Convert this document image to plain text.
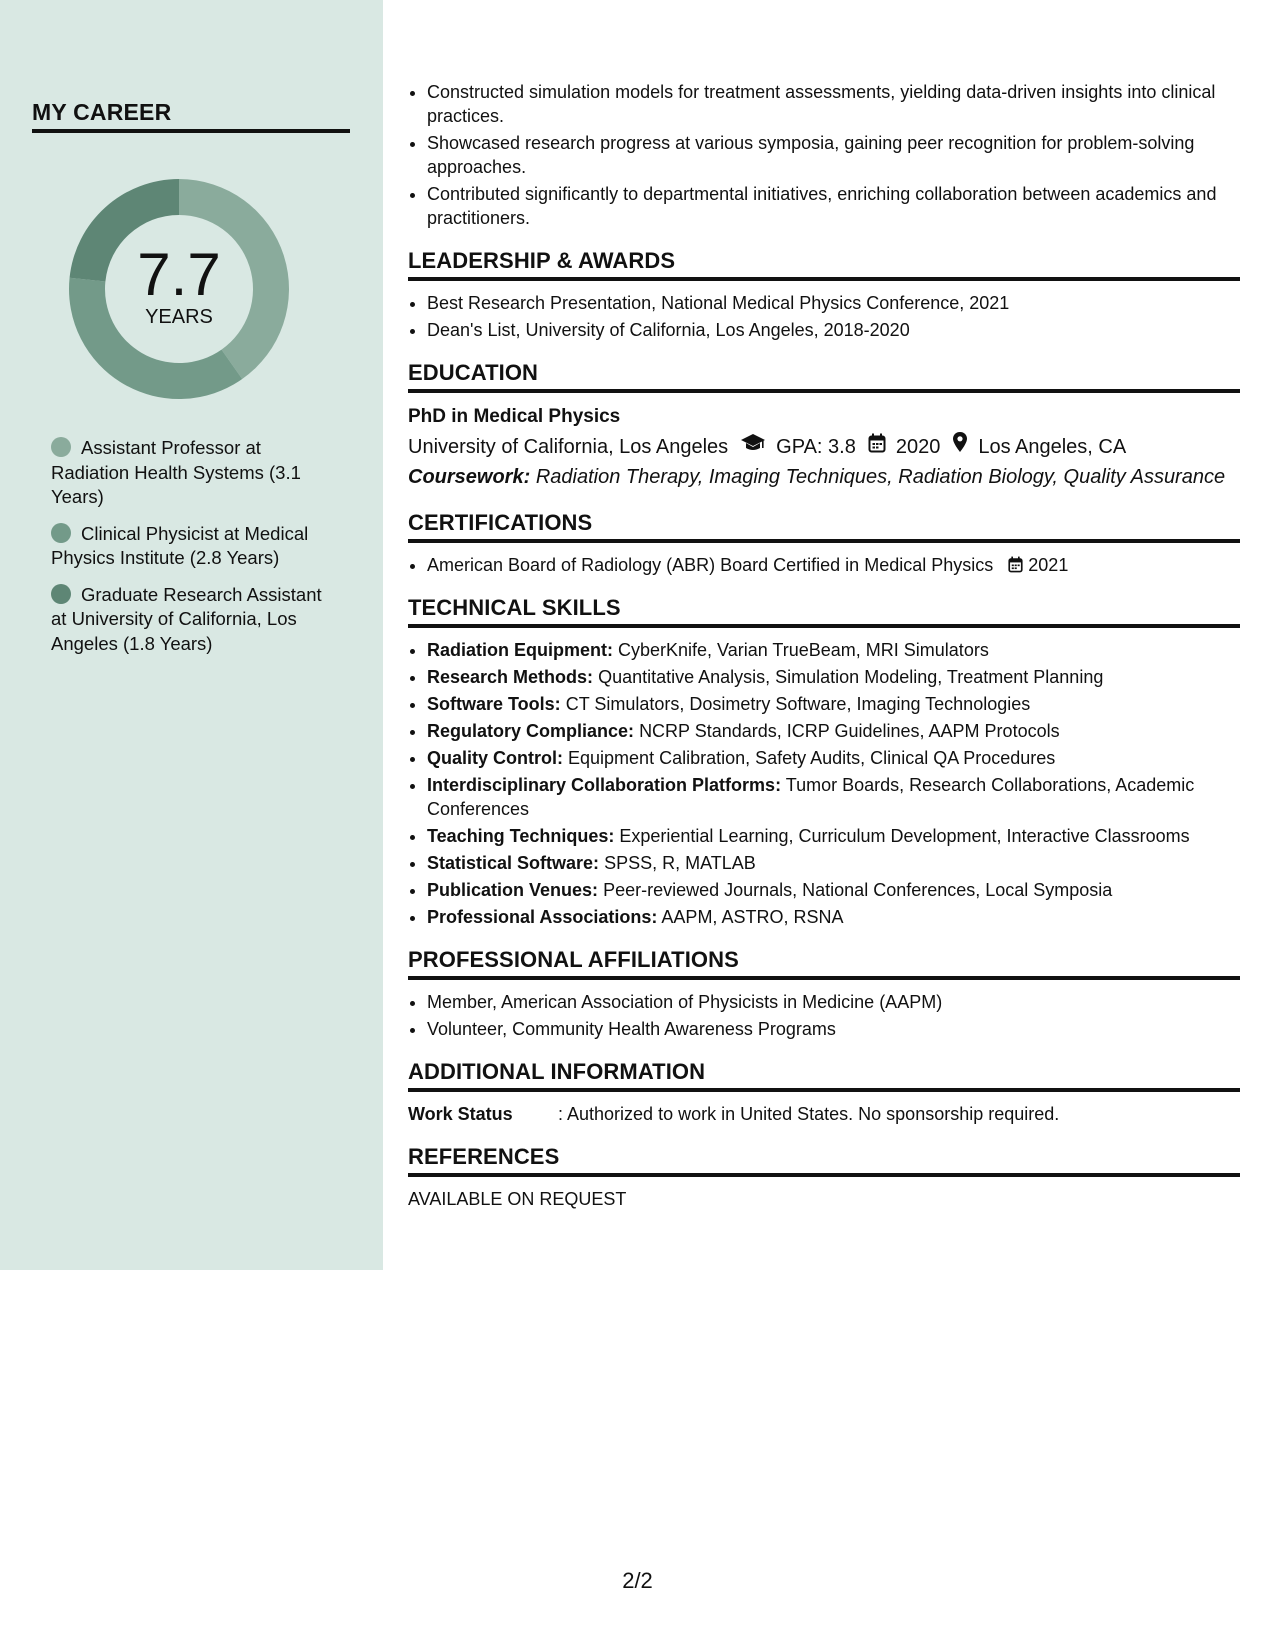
MY CAREER
7.7
YEARS
Assistant Professor at Radiation Health Systems (3.1 Years)
Clinical Physicist at Medical Physics Institute (2.8 Years)
Graduate Research Assistant at University of California, Los Angeles (1.8 Years)
• Constructed simulation models for treatment assessments, yielding data-driven insights into clinical practices.
• Showcased research progress at various symposia, gaining peer recognition for problem-solving approaches.
• Contributed significantly to departmental initiatives, enriching collaboration between academics and practitioners.
LEADERSHIP & AWARDS
• Best Research Presentation, National Medical Physics Conference, 2021
• Dean's List, University of California, Los Angeles, 2018-2020
EDUCATION
PhD in Medical Physics
University of California, Los Angeles GPA: 3.8 2020 Los Angeles, CA
Coursework: Radiation Therapy, Imaging Techniques, Radiation Biology, Quality Assurance
CERTIFICATIONS
• American Board of Radiology (ABR) Board Certified in Medical Physics 2021
TECHNICAL SKILLS
• Radiation Equipment: CyberKnife, Varian TrueBeam, MRI Simulators
• Research Methods: Quantitative Analysis, Simulation Modeling, Treatment Planning
• Software Tools: CT Simulators, Dosimetry Software, Imaging Technologies
• Regulatory Compliance: NCRP Standards, ICRP Guidelines, AAPM Protocols
• Quality Control: Equipment Calibration, Safety Audits, Clinical QA Procedures
• Interdisciplinary Collaboration Platforms: Tumor Boards, Research Collaborations, Academic Conferences
• Teaching Techniques: Experiential Learning, Curriculum Development, Interactive Classrooms
• Statistical Software: SPSS, R, MATLAB
• Publication Venues: Peer-reviewed Journals, National Conferences, Local Symposia
• Professional Associations: AAPM, ASTRO, RSNA
PROFESSIONAL AFFILIATIONS
• Member, American Association of Physicists in Medicine (AAPM)
• Volunteer, Community Health Awareness Programs
ADDITIONAL INFORMATION
Work Status	: Authorized to work in United States. No sponsorship required.
REFERENCES
AVAILABLE ON REQUEST
2/2
